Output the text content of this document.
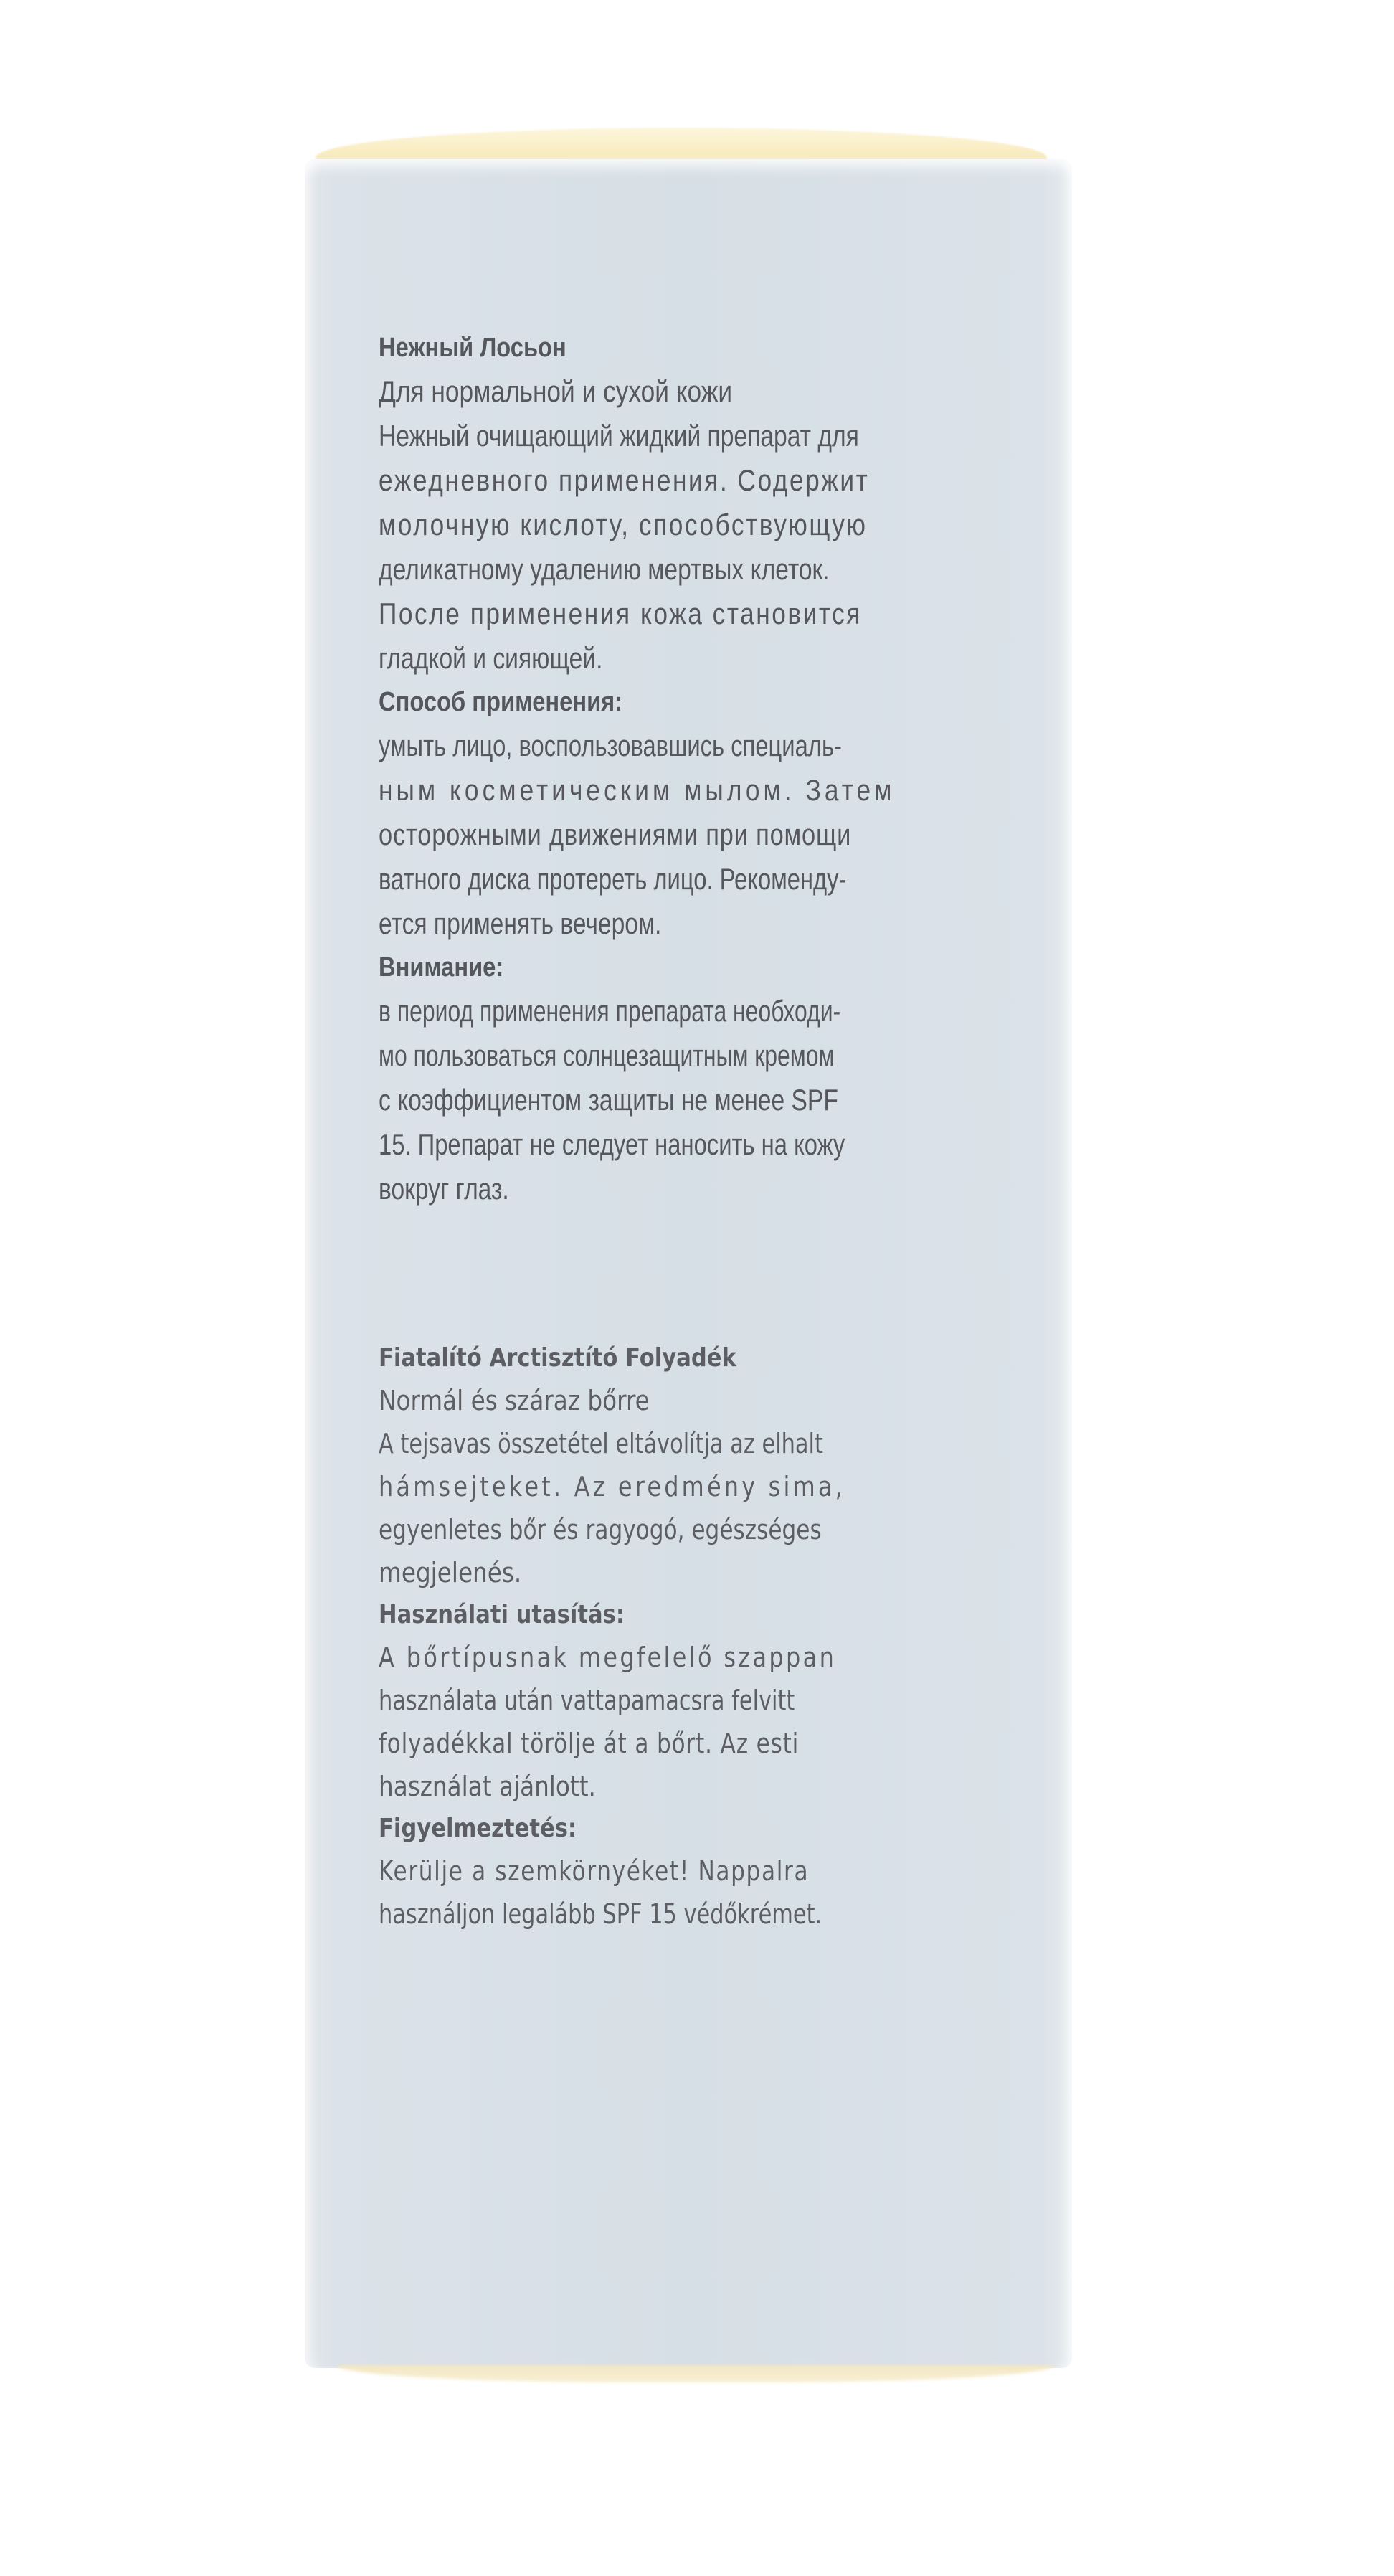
Нежный Лосьон
Для нормальной и сухой кожи
Нежный очищающий жидкий препарат для
ежедневного применения. Содержит
молочную кислоту, способствующую
деликатному удалению мертвых клеток.
После применения кожа становится
гладкой и сияющей.
Способ применения:
умыть лицо, воспользовавшись специаль-
ным косметическим мылом. Затем
осторожными движениями при помощи
ватного диска протереть лицо. Рекоменду-
ется применять вечером.
Внимание:
в период применения препарата необходи-
мо пользоваться солнцезащитным кремом
с коэффициентом защиты не менее SPF
15. Препарат не следует наносить на кожу
вокруг глаз.
Fiatalító Arctisztító Folyadék
Normál és száraz bőrre
A tejsavas összetétel eltávolítja az elhalt
hámsejteket. Az eredmény sima,
egyenletes bőr és ragyogó, egészséges
megjelenés.
Használati utasítás:
A bőrtípusnak megfelelő szappan
használata után vattapamacsra felvitt
folyadékkal törölje át a bőrt. Az esti
használat ajánlott.
Figyelmeztetés:
Kerülje a szemkörnyéket! Nappalra
használjon legalább SPF 15 védőkrémet.
